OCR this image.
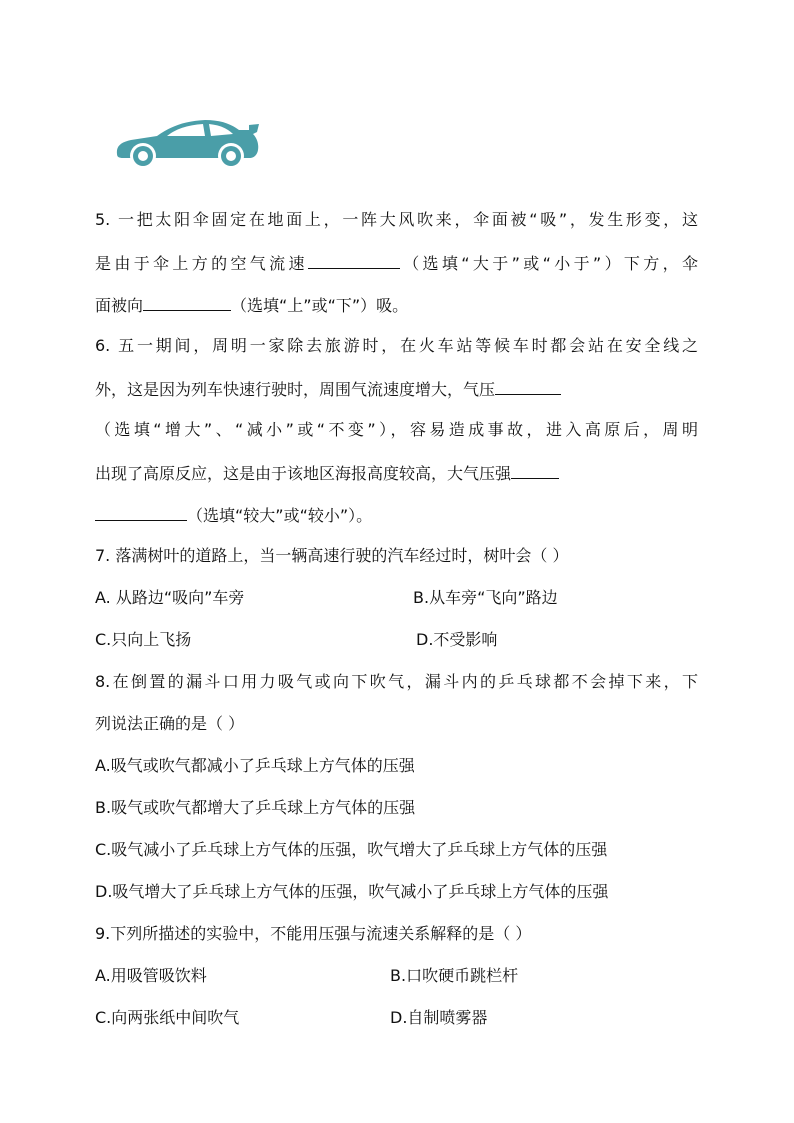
5. 一把太阳伞固定在地面上，一阵大风吹来，伞面被“吸”，发生形变，这
是由于伞上方的空气流速	（选填“大于”或“小于”）下方，伞
面被向	（选填“上”或“下”）吸。
6. 五一期间，周明一家除去旅游时，在火车站等候车时都会站在安全线之
外，这是因为列车快速行驶时，周围气流速度增大，气压
（选填“增大”、“减小”或“不变”），容易造成事故，进入高原后，周明
出现了高原反应，这是由于该地区海报高度较高，大气压强
（选填“较大”或“较小”）。
7. 落满树叶的道路上，当一辆高速行驶的汽车经过时，树叶会（ ）
A. 从路边“吸向”车旁	B.从车旁“飞向”路边
C.只向上飞扬	D.不受影响
8.在倒置的漏斗口用力吸气或向下吹气，漏斗内的乒乓球都不会掉下来，下
列说法正确的是（ ）
A.吸气或吹气都减小了乒乓球上方气体的压强
B.吸气或吹气都增大了乒乓球上方气体的压强
C.吸气减小了乒乓球上方气体的压强，吹气增大了乒乓球上方气体的压强
D.吸气增大了乒乓球上方气体的压强，吹气减小了乒乓球上方气体的压强
9.下列所描述的实验中，不能用压强与流速关系解释的是（ ）
A.用吸管吸饮料	B.口吹硬币跳栏杆
C.向两张纸中间吹气	D.自制喷雾器
